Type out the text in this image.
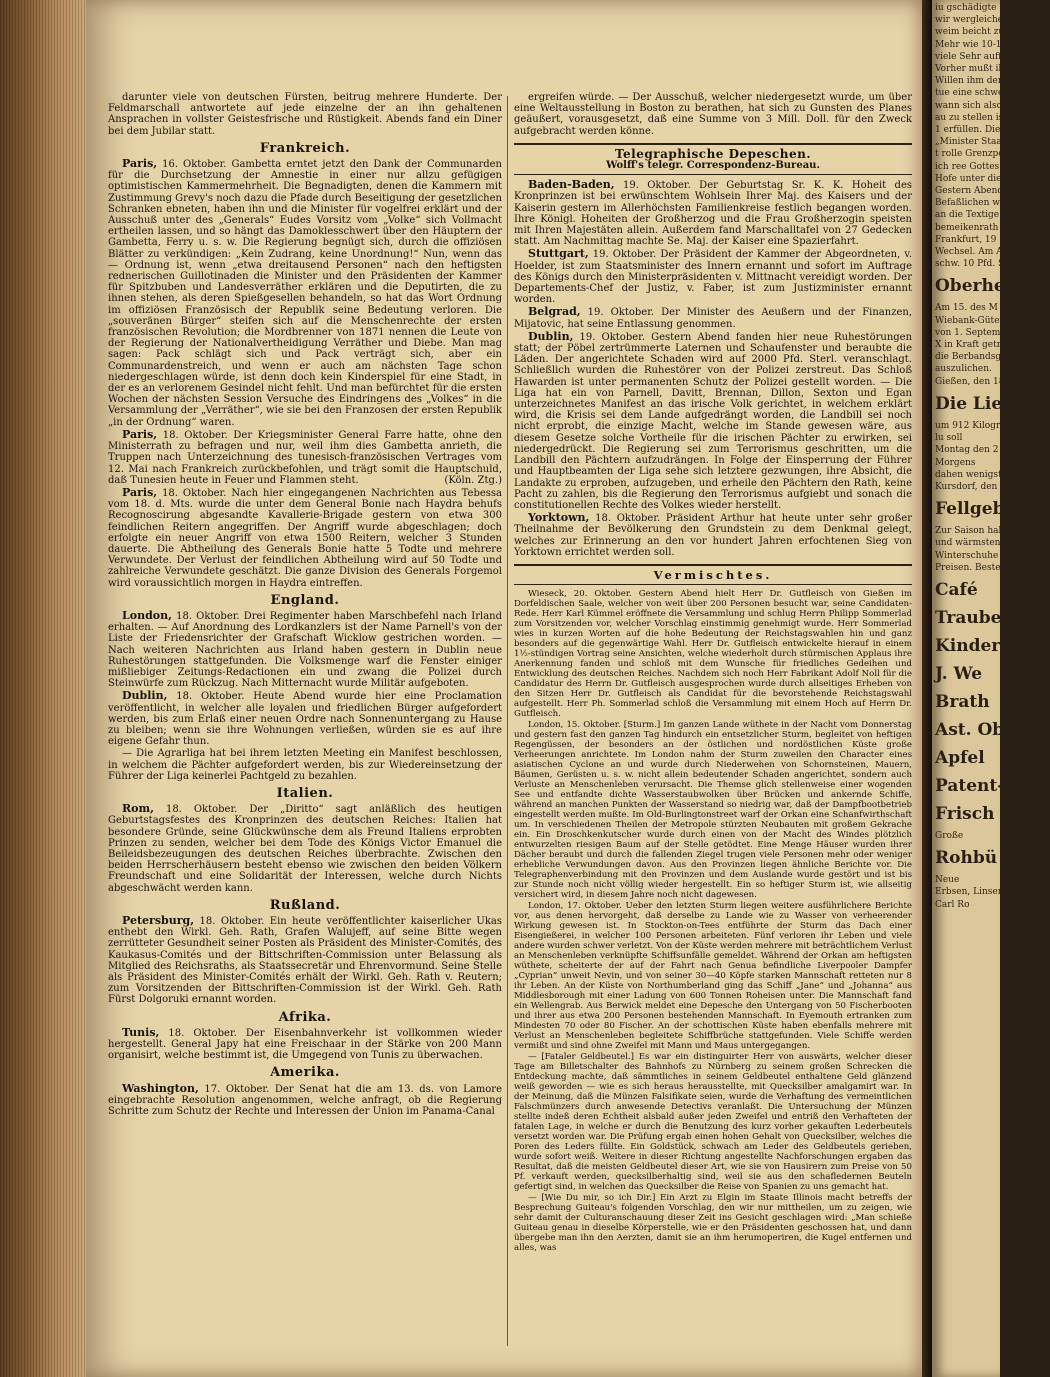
iu gschädigte Kau
wir wergleichen ist
weim beicht zu
Mehr wie 10-16
viele Sehr aufflebe
Vorher mußt ihr
Willen ihm den
tue eine schwerer
wann sich also
au zu stellen ist mit
1 erfüllen. Die
„Minister Staatscom
t rolle Grenzposten
ich ree Gottes gebr
Hofe unter die beict
Gestern Abend
Befaßlichen wor einer
an die Textige rief
bemeikenrath
Frankfurt, 19
Wechsel. Am A
schw. 10 Pfd. Sterl. A
Oberheff. Ei
Am 15. des M
Wiebank-Gütersehen
von 1. September
X in Kraft getre
die Berbandsgüter
auszulichen.
Gießen, den 18. O
Die Lie
um 912 Kilogr.
lu soll
Montag den 2
Morgens
dahen wenigstbietende
Kursdorf, den 1
Fellgeb
Zur Saison halte
und wärmsten ja
Winterschuhe
Preisen. Bestens
Café
Traube
Kinder-Pel
J. We
Brath
Ast. Obs
Apfel
Patent-
Frisch ein
Große
Rohbü
Neue
Erbsen, Linsen
Carl Ro

darunter viele von deutschen Fürsten, beitrug mehrere Hunderte. Der Feldmarschall antwortete auf jede einzelne der an ihn gehaltenen Ansprachen in vollster Geistesfrische und Rüstigkeit. Abends fand ein Diner bei dem Jubilar statt.

Frankreich.

Paris, 16. Oktober. Gambetta erntet jetzt den Dank der Communarden für die Durchsetzung der Amnestie in einer nur allzu gefügigen optimistischen Kammermehrheit. Die Begnadigten, denen die Kammern mit Zustimmung Grevy's noch dazu die Pfade durch Beseitigung der gesetzlichen Schranken ebneten, haben ihn und die Minister für vogelfrei erklärt und der Ausschuß unter des „Generals“ Eudes Vorsitz vom „Volke“ sich Vollmacht ertheilen lassen, und so hängt das Damoklesschwert über den Häuptern der Gambetta, Ferry u. s. w. Die Regierung begnügt sich, durch die offiziösen Blätter zu verkündigen: „Kein Zudrang, keine Unordnung!“ Nun, wenn das — Ordnung ist, wenn „etwa dreitausend Personen“ nach den heftigsten rednerischen Guillotinaden die Minister und den Präsidenten der Kammer für Spitzbuben und Landesverräther erklären und die Deputirten, die zu ihnen stehen, als deren Spießgesellen behandeln, so hat das Wort Ordnung im offiziösen Französisch der Republik seine Bedeutung verloren. Die „souveränen Bürger“ steifen sich auf die Menschenrechte der ersten französischen Revolution; die Mordbrenner von 1871 nennen die Leute von der Regierung der Nationalvertheidigung Verräther und Diebe. Man mag sagen: Pack schlägt sich und Pack verträgt sich, aber ein Communardenstreich, und wenn er auch am nächsten Tage schon niedergeschlagen würde, ist denn doch kein Kinderspiel für eine Stadt, in der es an verlorenem Gesindel nicht fehlt. Und man befürchtet für die ersten Wochen der nächsten Session Versuche des Eindringens des „Volkes“ in die Versammlung der „Verräther“, wie sie bei den Franzosen der ersten Republik „in der Ordnung“ waren.

Paris, 18. Oktober. Der Kriegsminister General Farre hatte, ohne den Ministerrath zu befragen und nur, weil ihm dies Gambetta anrieth, die Truppen nach Unterzeichnung des tunesisch-französischen Vertrages vom 12. Mai nach Frankreich zurückbefohlen, und trägt somit die Hauptschuld, daß Tunesien heute in Feuer und Flammen steht.	(Köln. Ztg.)

Paris, 18. Oktober. Nach hier eingegangenen Nachrichten aus Tebessa vom 18. d. Mts. wurde die unter dem General Bonie nach Haydra behufs Recognoscirung abgesandte Kavallerie-Brigade gestern von etwa 300 feindlichen Reitern angegriffen. Der Angriff wurde abgeschlagen; doch erfolgte ein neuer Angriff von etwa 1500 Reitern, welcher 3 Stunden dauerte. Die Abtheilung des Generals Bonie hatte 5 Todte und mehrere Verwundete. Der Verlust der feindlichen Abtheilung wird auf 50 Todte und zahlreiche Verwundete geschätzt. Die ganze Division des Generals Forgemol wird voraussichtlich morgen in Haydra eintreffen.

England.

London, 18. Oktober. Drei Regimenter haben Marschbefehl nach Irland erhalten. — Auf Anordnung des Lordkanzlers ist der Name Parnell's von der Liste der Friedensrichter der Grafschaft Wicklow gestrichen worden. — Nach weiteren Nachrichten aus Irland haben gestern in Dublin neue Ruhestörungen stattgefunden. Die Volksmenge warf die Fenster einiger mißliebiger Zeitungs-Redactionen ein und zwang die Polizei durch Steinwürfe zum Rückzug. Nach Mitternacht wurde Militär aufgeboten.

Dublin, 18. Oktober. Heute Abend wurde hier eine Proclamation veröffentlicht, in welcher alle loyalen und friedlichen Bürger aufgefordert werden, bis zum Erlaß einer neuen Ordre nach Sonnenuntergang zu Hause zu bleiben; wenn sie ihre Wohnungen verließen, würden sie es auf ihre eigene Gefahr thun.

— Die Agrarliga hat bei ihrem letzten Meeting ein Manifest beschlossen, in welchem die Pächter aufgefordert werden, bis zur Wiedereinsetzung der Führer der Liga keinerlei Pachtgeld zu bezahlen.

Italien.

Rom, 18. Oktober. Der „Diritto“ sagt anläßlich des heutigen Geburtstagsfestes des Kronprinzen des deutschen Reiches: Italien hat besondere Gründe, seine Glückwünsche dem als Freund Italiens erprobten Prinzen zu senden, welcher bei dem Tode des Königs Victor Emanuel die Beileidsbezeugungen des deutschen Reiches überbrachte. Zwischen den beiden Herrscherhäusern besteht ebenso wie zwischen den beiden Völkern Freundschaft und eine Solidarität der Interessen, welche durch Nichts abgeschwächt werden kann.

Rußland.

Petersburg, 18. Oktober. Ein heute veröffentlichter kaiserlicher Ukas enthebt den Wirkl. Geh. Rath, Grafen Walujeff, auf seine Bitte wegen zerrütteter Gesundheit seiner Posten als Präsident des Minister-Comités, des Kaukasus-Comités und der Bittschriften-Commission unter Belassung als Mitglied des Reichsraths, als Staatssecretär und Ehrenvormund. Seine Stelle als Präsident des Minister-Comités erhält der Wirkl. Geh. Rath v. Reutern; zum Vorsitzenden der Bittschriften-Commission ist der Wirkl. Geh. Rath Fürst Dolgoruki ernannt worden.

Afrika.

Tunis, 18. Oktober. Der Eisenbahnverkehr ist vollkommen wieder hergestellt. General Japy hat eine Freischaar in der Stärke von 200 Mann organisirt, welche bestimmt ist, die Umgegend von Tunis zu überwachen.

Amerika.

Washington, 17. Oktober. Der Senat hat die am 13. ds. von Lamore eingebrachte Resolution angenommen, welche anfragt, ob die Regierung Schritte zum Schutz der Rechte und Interessen der Union im Panama-Canal

ergreifen würde. — Der Ausschuß, welcher niedergesetzt wurde, um über eine Weltausstellung in Boston zu berathen, hat sich zu Gunsten des Planes geäußert, vorausgesetzt, daß eine Summe von 3 Mill. Doll. für den Zweck aufgebracht werden könne.

Telegraphische Depeschen.
Wolff's telegr. Correspondenz-Bureau.

Baden-Baden, 19. Oktober. Der Geburtstag Sr. K. K. Hoheit des Kronprinzen ist bei erwünschtem Wohlsein Ihrer Maj. des Kaisers und der Kaiserin gestern im Allerhöchsten Familienkreise festlich begangen worden. Ihre Königl. Hoheiten der Großherzog und die Frau Großherzogin speisten mit Ihren Majestäten allein. Außerdem fand Marschalltafel von 27 Gedecken statt. Am Nachmittag machte Se. Maj. der Kaiser eine Spazierfahrt.

Stuttgart, 19. Oktober. Der Präsident der Kammer der Abgeordneten, v. Hoelder, ist zum Staatsminister des Innern ernannt und sofort im Auftrage des Königs durch den Ministerpräsidenten v. Mittnacht vereidigt worden. Der Departements-Chef der Justiz, v. Faber, ist zum Justizminister ernannt worden.

Belgrad, 19. Oktober. Der Minister des Aeußern und der Finanzen, Mijatovic, hat seine Entlassung genommen.

Dublin, 19. Oktober. Gestern Abend fanden hier neue Ruhestörungen statt; der Pöbel zertrümmerte Laternen und Schaufenster und beraubte die Läden. Der angerichtete Schaden wird auf 2000 Pfd. Sterl. veranschlagt. Schließlich wurden die Ruhestörer von der Polizei zerstreut. Das Schloß Hawarden ist unter permanenten Schutz der Polizei gestellt worden. — Die Liga hat ein von Parnell, Davitt, Brennan, Dillon, Sexton und Egan unterzeichnetes Manifest an das irische Volk gerichtet, in welchem erklärt wird, die Krisis sei dem Lande aufgedrängt worden, die Landbill sei noch nicht erprobt, die einzige Macht, welche im Stande gewesen wäre, aus diesem Gesetze solche Vortheile für die irischen Pächter zu erwirken, sei niedergedrückt. Die Regierung sei zum Terrorismus geschritten, um die Landbill den Pächtern aufzudrängen. In Folge der Einsperrung der Führer und Hauptbeamten der Liga sehe sich letztere gezwungen, ihre Absicht, die Landakte zu erproben, aufzugeben, und erheile den Pächtern den Rath, keine Pacht zu zahlen, bis die Regierung den Terrorismus aufgiebt und sonach die constitutionellen Rechte des Volkes wieder herstellt.

Yorktown, 18. Oktober. Präsident Arthur hat heute unter sehr großer Theilnahme der Bevölkerung den Grundstein zu dem Denkmal gelegt, welches zur Erinnerung an den vor hundert Jahren erfochtenen Sieg von Yorktown errichtet werden soll.

Vermischtes.

Wieseck, 20. Oktober. Gestern Abend hielt Herr Dr. Gutfleisch von Gießen im Dorfeldischen Saale, welcher von weit über 200 Personen besucht war, seine Candidaten-Rede. Herr Karl Kümmel eröffnete die Versammlung und schlug Herrn Philipp Sommerlad zum Vorsitzenden vor, welcher Vorschlag einstimmig genehmigt wurde. Herr Sommerlad wies in kurzen Worten auf die hohe Bedeutung der Reichstagswahlen hin und ganz besonders auf die gegenwärtige Wahl. Herr Dr. Gutfleisch entwickelte hierauf in einem 1½-stündigen Vortrag seine Ansichten, welche wiederholt durch stürmischen Applaus ihre Anerkennung fanden und schloß mit dem Wunsche für friedliches Gedeihen und Entwicklung des deutschen Reiches. Nachdem sich noch Herr Fabrikant Adolf Noll für die Candidatur des Herrn Dr. Gutfleisch ausgesprochen wurde durch allseitiges Erheben von den Sitzen Herr Dr. Gutfleisch als Candidat für die bevorstehende Reichstagswahl aufgestellt. Herr Ph. Sommerlad schloß die Versammlung mit einem Hoch auf Herrn Dr. Gutfleisch.

London, 15. Oktober. [Sturm.] Im ganzen Lande wüthete in der Nacht vom Donnerstag und gestern fast den ganzen Tag hindurch ein entsetzlicher Sturm, begleitet von heftigen Regengüssen, der besonders an der östlichen und nordöstlichen Küste große Verheerungen anrichtete. Im London nahm der Sturm zuweilen den Character eines asiatischen Cyclone an und wurde durch Niederwehen von Schornsteinen, Mauern, Bäumen, Gerüsten u. s. w. nicht allein bedeutender Schaden angerichtet, sondern auch Verluste an Menschenleben verursacht. Die Themse glich stellenweise einer wogenden See und entfandte dichte Wasserstaubwolken über Brücken und ankernde Schiffe, während an manchen Punkten der Wasserstand so niedrig war, daß der Dampfbootbetrieb eingestellt werden mußte. Im Old-Burlingtonstreet warf der Orkan eine Schanfwirthschaft um. In verschiedenen Theilen der Metropole stürzten Neubauten mit großem Gekrache ein. Ein Droschkenkutscher wurde durch einen von der Macht des Windes plötzlich entwurzelten riesigen Baum auf der Stelle getödtet. Eine Menge Häuser wurden ihrer Dächer beraubt und durch die fallenden Ziegel trugen viele Personen mehr oder weniger erhebliche Verwundungen davon. Aus den Provinzen liegen ähnliche Berichte vor. Die Telegraphenverbindung mit den Provinzen und dem Auslande wurde gestört und ist bis zur Stunde noch nicht völlig wieder hergestellt. Ein so heftiger Sturm ist, wie allseitig versichert wird, in diesem Jahre noch nicht dagewesen.

London, 17. Oktober. Ueber den letzten Sturm liegen weitere ausführlichere Berichte vor, aus denen hervorgeht, daß derselbe zu Lande wie zu Wasser von verheerender Wirkung gewesen ist. In Stockton-on-Tees entführte der Sturm das Dach einer Eisengießerei, in welcher 100 Personen arbeiteten. Fünf verloren ihr Leben und viele andere wurden schwer verletzt. Von der Küste werden mehrere mit beträchtlichem Verlust an Menschenleben verknüpfte Schiffsunfälle gemeldet. Während der Orkan am heftigsten wüthete, scheiterte der auf der Fahrt nach Genua befindliche Liverpooler Dampfer „Cyprian“ unweit Nevin, und von seiner 30—40 Köpfe starken Mannschaft retteten nur 8 ihr Leben. An der Küste von Northumberland ging das Schiff „Jane“ und „Johanna“ aus Middlesborough mit einer Ladung von 600 Tonnen Roheisen unter. Die Mannschaft fand ein Wellengrab. Aus Berwick meldet eine Depesche den Untergang von 50 Fischerbooten und ihrer aus etwa 200 Personen bestehenden Mannschaft. In Eyemouth ertranken zum Mindesten 70 oder 80 Fischer. An der schottischen Küste haben ebenfalls mehrere mit Verlust an Menschenleben begleitete Schiffbrüche stattgefunden. Viele Schiffe werden vermißt und sind ohne Zweifel mit Mann und Maus untergegangen.

— [Fataler Geldbeutel.] Es war ein distinguirter Herr von auswärts, welcher dieser Tage am Billetschalter des Bahnhofs zu Nürnberg zu seinem großen Schrecken die Entdeckung machte, daß sämmtliches in seinem Geldbeutel enthaltene Geld glänzend weiß geworden — wie es sich heraus herausstellte, mit Quecksilber amalgamirt war. In der Meinung, daß die Münzen Falsifikate seien, wurde die Verhaftung des vermeintlichen Falschmünzers durch anwesende Detectivs veranlaßt. Die Untersuchung der Münzen stellte indeß deren Echtheit alsbald außer jeden Zweifel und entriß den Verhafteten der fatalen Lage, in welche er durch die Benutzung des kurz vorher gekauften Lederbeutels versetzt worden war. Die Prüfung ergab einen hohen Gehalt von Quecksilber, welches die Poren des Leders füllte. Ein Goldstück, schwach am Leder des Geldbeutels gerieben, wurde sofort weiß. Weitere in dieser Richtung angestellte Nachforschungen ergaben das Resultat, daß die meisten Geldbeutel dieser Art, wie sie von Hausirern zum Preise von 50 Pf. verkauft werden, quecksilberhaltig sind, weil sie aus den schafledernen Beuteln gefertigt sind, in welchen das Quecksilber die Reise von Spanien zu uns gemacht hat.

— [Wie Du mir, so ich Dir.] Ein Arzt zu Elgin im Staate Illinois macht betreffs der Besprechung Guiteau's folgenden Vorschlag, den wir nur mittheilen, um zu zeigen, wie sehr damit der Culturanschauung dieser Zeit ins Gesicht geschlagen wird: „Man schieße Guiteau genau in dieselbe Körperstelle, wie er den Präsidenten geschossen hat, und dann übergebe man ihn den Aerzten, damit sie an ihm herumoperiren, die Kugel entfernen und alles, was
